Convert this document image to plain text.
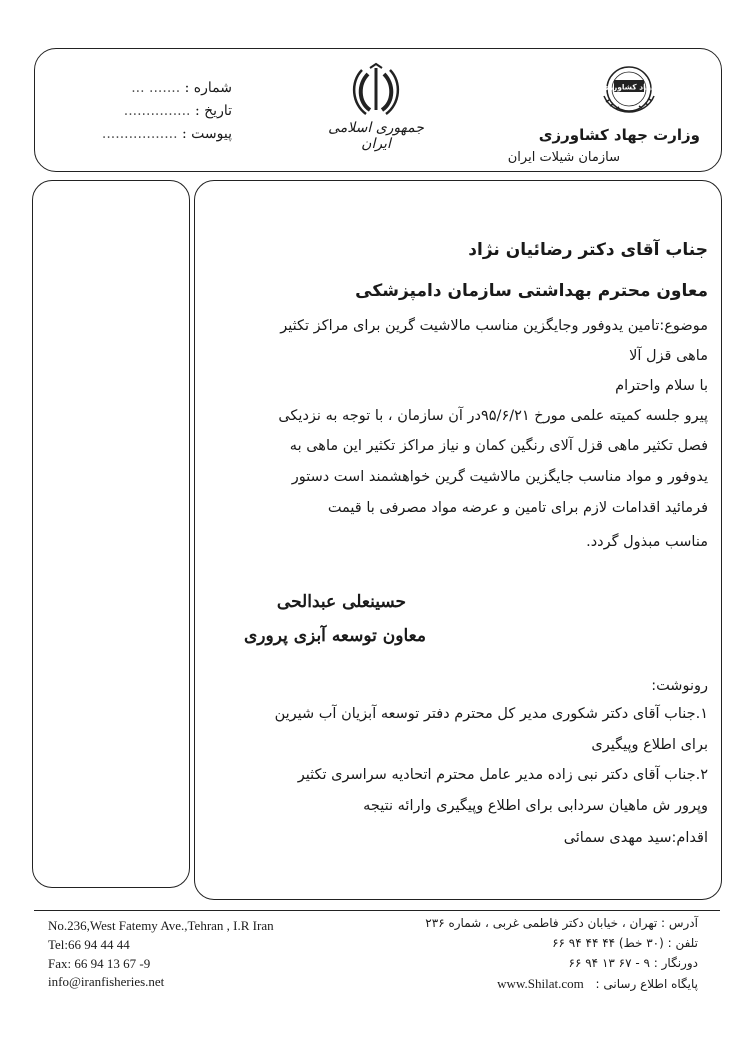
شماره : ....... ...
تاریخ : ...............
پیوست : .................	جمهوری اسلامی ایران
جهاد کشاورزی
وزارت جهاد کشاورزی
سازمان شیلات ایران
جناب آقای دکتر رضائیان نژاد
معاون محترم بهداشتی سازمان دامپزشکی
موضوع:تامین یدوفور وجایگزین مناسب مالاشیت گرین برای مراکز تکثیر
ماهی قزل آلا
با سلام واحترام
پیرو جلسه کمیته علمی مورخ ۹۵/۶/۲۱در آن سازمان ، با توجه به نزدیکی
فصل تکثیر ماهی قزل آلای رنگین کمان و نیاز مراکز تکثیر این ماهی به
یدوفور و مواد مناسب جایگزین مالاشیت گرین خواهشمند است دستور
فرمائید اقدامات لازم برای تامین و عرضه مواد مصرفی با قیمت
مناسب مبذول گردد.
حسینعلی عبدالحی
معاون توسعه آبزی پروری
رونوشت:
۱.جناب آقای دکتر شکوری مدیر کل محترم دفتر توسعه آبزیان آب شیرین
برای اطلاع وپیگیری
۲.جناب آقای دکتر نبی زاده مدیر عامل محترم اتحادیه سراسری تکثیر
وپرور ش ماهیان سردابی برای اطلاع وپیگیری وارائه نتیجه
اقدام:سید مهدی سمائی
No.236,West Fatemy Ave.,Tehran , I.R Iran
Tel:66 94 44 44
Fax: 66 94 13 67 -9
info@iranfisheries.net
آدرس : تهران ، خیابان دکتر فاطمی غربی ، شماره ۲۳۶
تلفن : (۳۰ خط) ۴۴ ۴۴ ۹۴ ۶۶
دورنگار : ۹ - ۶۷ ۱۳ ۹۴ ۶۶
پایگاه اطلاع رسانی : www.Shilat.com
